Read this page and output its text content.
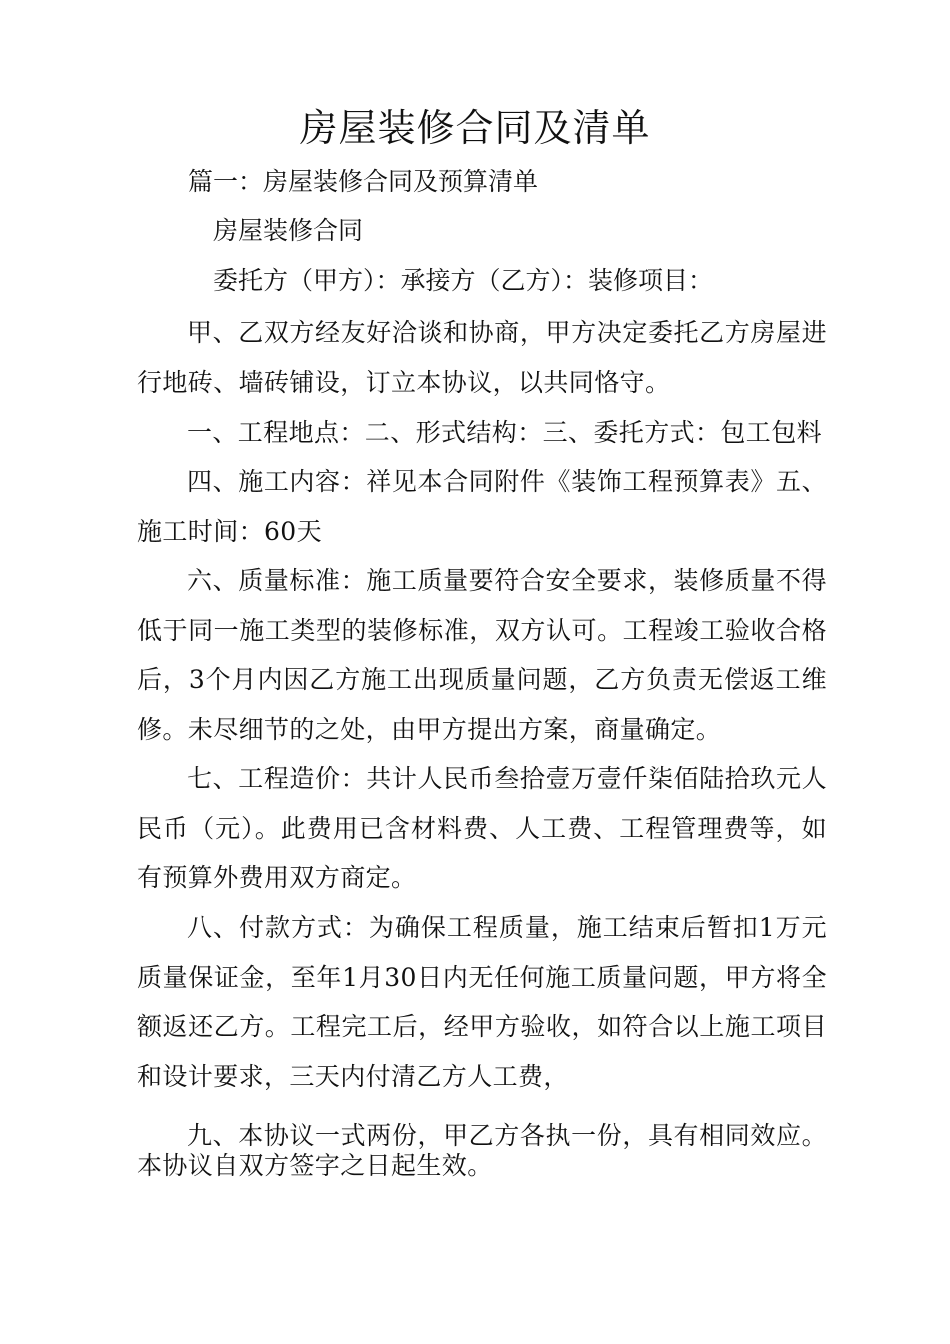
房屋装修合同及清单

篇一：房屋装修合同及预算清单

房屋装修合同

委托方（甲方）：承接方（乙方）：装修项目：

甲、乙双方经友好洽谈和协商，甲方决定委托乙方房屋进行地砖、墙砖铺设，订立本协议，以共同恪守。

一、工程地点：二、形式结构：三、委托方式：包工包料

四、施工内容：祥见本合同附件《装饰工程预算表》五、施工时间：60天

六、质量标准：施工质量要符合安全要求，装修质量不得低于同一施工类型的装修标准，双方认可。工程竣工验收合格后，3个月内因乙方施工出现质量问题，乙方负责无偿返工维修。未尽细节的之处，由甲方提出方案，商量确定。

七、工程造价：共计人民币叁拾壹万壹仟柒佰陆拾玖元人民币（元）。此费用已含材料费、人工费、工程管理费等，如有预算外费用双方商定。

八、付款方式：为确保工程质量，施工结束后暂扣1万元质量保证金，至年1月30日内无任何施工质量问题，甲方将全额返还乙方。工程完工后，经甲方验收，如符合以上施工项目和设计要求，三天内付清乙方人工费，

九、本协议一式两份，甲乙方各执一份，具有相同效应。本协议自双方签字之日起生效。
